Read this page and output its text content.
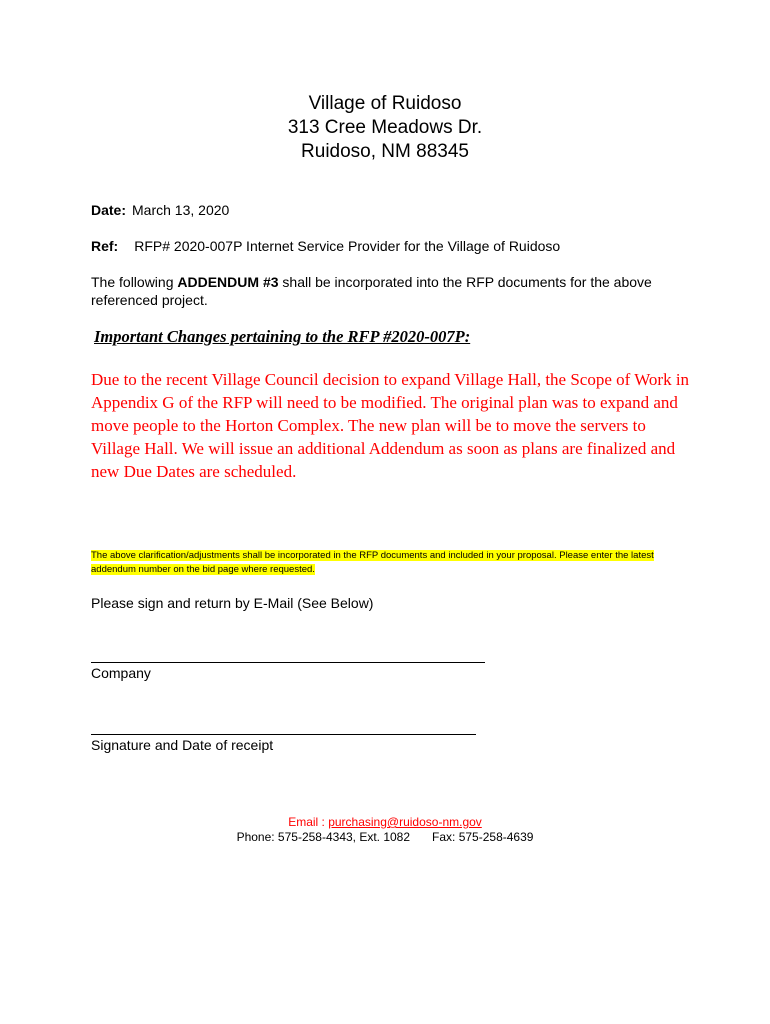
Village of Ruidoso
313 Cree Meadows Dr.
Ruidoso, NM 88345
Date: March 13, 2020
Ref: RFP# 2020-007P Internet Service Provider for the Village of Ruidoso
The following ADDENDUM #3 shall be incorporated into the RFP documents for the above referenced project.
Important Changes pertaining to the RFP #2020-007P:
Due to the recent Village Council decision to expand Village Hall, the Scope of Work in Appendix G of the RFP will need to be modified. The original plan was to expand and move people to the Horton Complex. The new plan will be to move the servers to Village Hall. We will issue an additional Addendum as soon as plans are finalized and new Due Dates are scheduled.
The above clarification/adjustments shall be incorporated in the RFP documents and included in your proposal. Please enter the latest addendum number on the bid page where requested.
Please sign and return by E-Mail (See Below)
Company
Signature and Date of receipt
Email : purchasing@ruidoso-nm.gov
Phone: 575-258-4343, Ext. 1082 Fax: 575-258-4639
